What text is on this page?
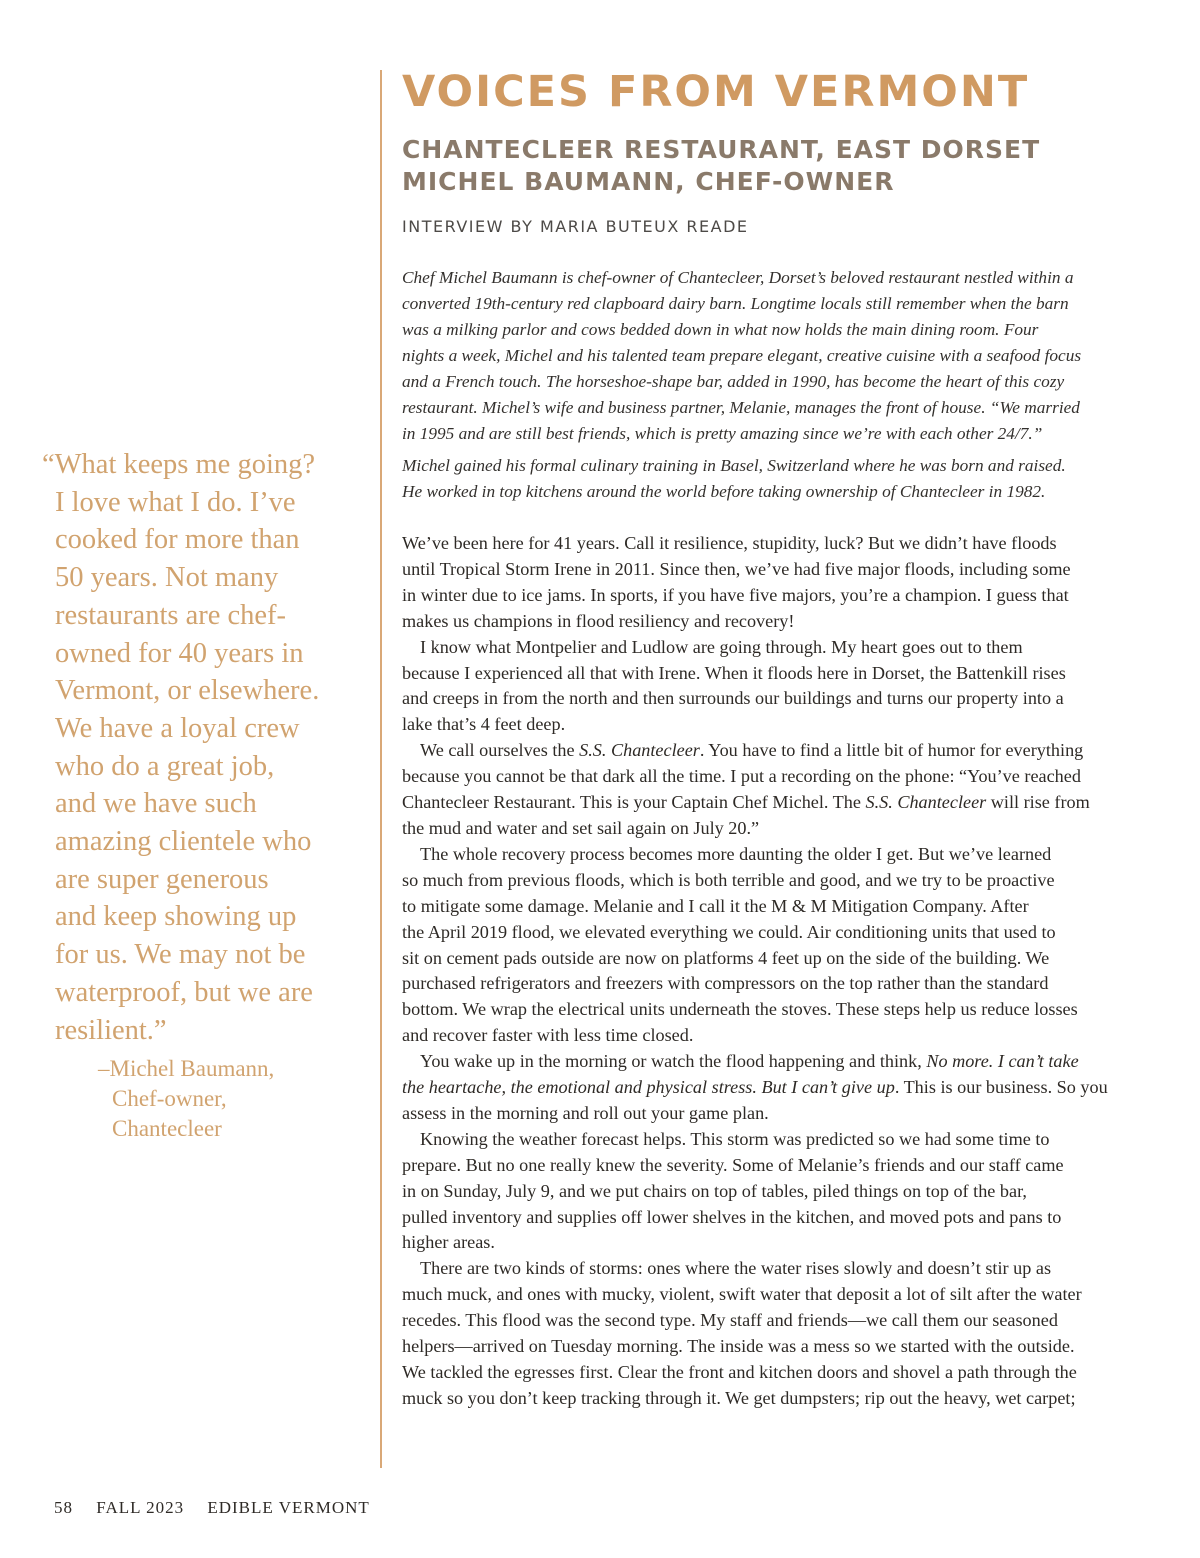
VOICES FROM VERMONT
CHANTECLEER RESTAURANT, EAST DORSET
MICHEL BAUMANN, CHEF-OWNER
INTERVIEW BY MARIA BUTEUX READE
Chef Michel Baumann is chef-owner of Chantecleer, Dorset’s beloved restaurant nestled within a
converted 19th-century red clapboard dairy barn. Longtime locals still remember when the barn
was a milking parlor and cows bedded down in what now holds the main dining room. Four
nights a week, Michel and his talented team prepare elegant, creative cuisine with a seafood focus
and a French touch. The horseshoe-shape bar, added in 1990, has become the heart of this cozy
restaurant. Michel’s wife and business partner, Melanie, manages the front of house. “We married
in 1995 and are still best friends, which is pretty amazing since we’re with each other 24/7.”
Michel gained his formal culinary training in Basel, Switzerland where he was born and raised.
He worked in top kitchens around the world before taking ownership of Chantecleer in 1982.
We’ve been here for 41 years. Call it resilience, stupidity, luck? But we didn’t have floods
until Tropical Storm Irene in 2011. Since then, we’ve had five major floods, including some
in winter due to ice jams. In sports, if you have five majors, you’re a champion. I guess that
makes us champions in flood resiliency and recovery!
I know what Montpelier and Ludlow are going through. My heart goes out to them
because I experienced all that with Irene. When it floods here in Dorset, the Battenkill rises
and creeps in from the north and then surrounds our buildings and turns our property into a
lake that’s 4 feet deep.
We call ourselves the S.S. Chantecleer. You have to find a little bit of humor for everything
because you cannot be that dark all the time. I put a recording on the phone: “You’ve reached
Chantecleer Restaurant. This is your Captain Chef Michel. The S.S. Chantecleer will rise from
the mud and water and set sail again on July 20.”
The whole recovery process becomes more daunting the older I get. But we’ve learned
so much from previous floods, which is both terrible and good, and we try to be proactive
to mitigate some damage. Melanie and I call it the M & M Mitigation Company. After
the April 2019 flood, we elevated everything we could. Air conditioning units that used to
sit on cement pads outside are now on platforms 4 feet up on the side of the building. We
purchased refrigerators and freezers with compressors on the top rather than the standard
bottom. We wrap the electrical units underneath the stoves. These steps help us reduce losses
and recover faster with less time closed.
You wake up in the morning or watch the flood happening and think, No more. I can’t take
the heartache, the emotional and physical stress. But I can’t give up. This is our business. So you
assess in the morning and roll out your game plan.
Knowing the weather forecast helps. This storm was predicted so we had some time to
prepare. But no one really knew the severity. Some of Melanie’s friends and our staff came
in on Sunday, July 9, and we put chairs on top of tables, piled things on top of the bar,
pulled inventory and supplies off lower shelves in the kitchen, and moved pots and pans to
higher areas.
There are two kinds of storms: ones where the water rises slowly and doesn’t stir up as
much muck, and ones with mucky, violent, swift water that deposit a lot of silt after the water
recedes. This flood was the second type. My staff and friends—we call them our seasoned
helpers—arrived on Tuesday morning. The inside was a mess so we started with the outside.
We tackled the egresses first. Clear the front and kitchen doors and shovel a path through the
muck so you don’t keep tracking through it. We get dumpsters; rip out the heavy, wet carpet;
“What keeps me going?
I love what I do. I’ve
cooked for more than
50 years. Not many
restaurants are chef-
owned for 40 years in
Vermont, or elsewhere.
We have a loyal crew
who do a great job,
and we have such
amazing clientele who
are super generous
and keep showing up
for us. We may not be
waterproof, but we are
resilient.”
–Michel Baumann,
Chef-owner,
Chantecleer
58 FALL 2023 EDIBLE VERMONT
